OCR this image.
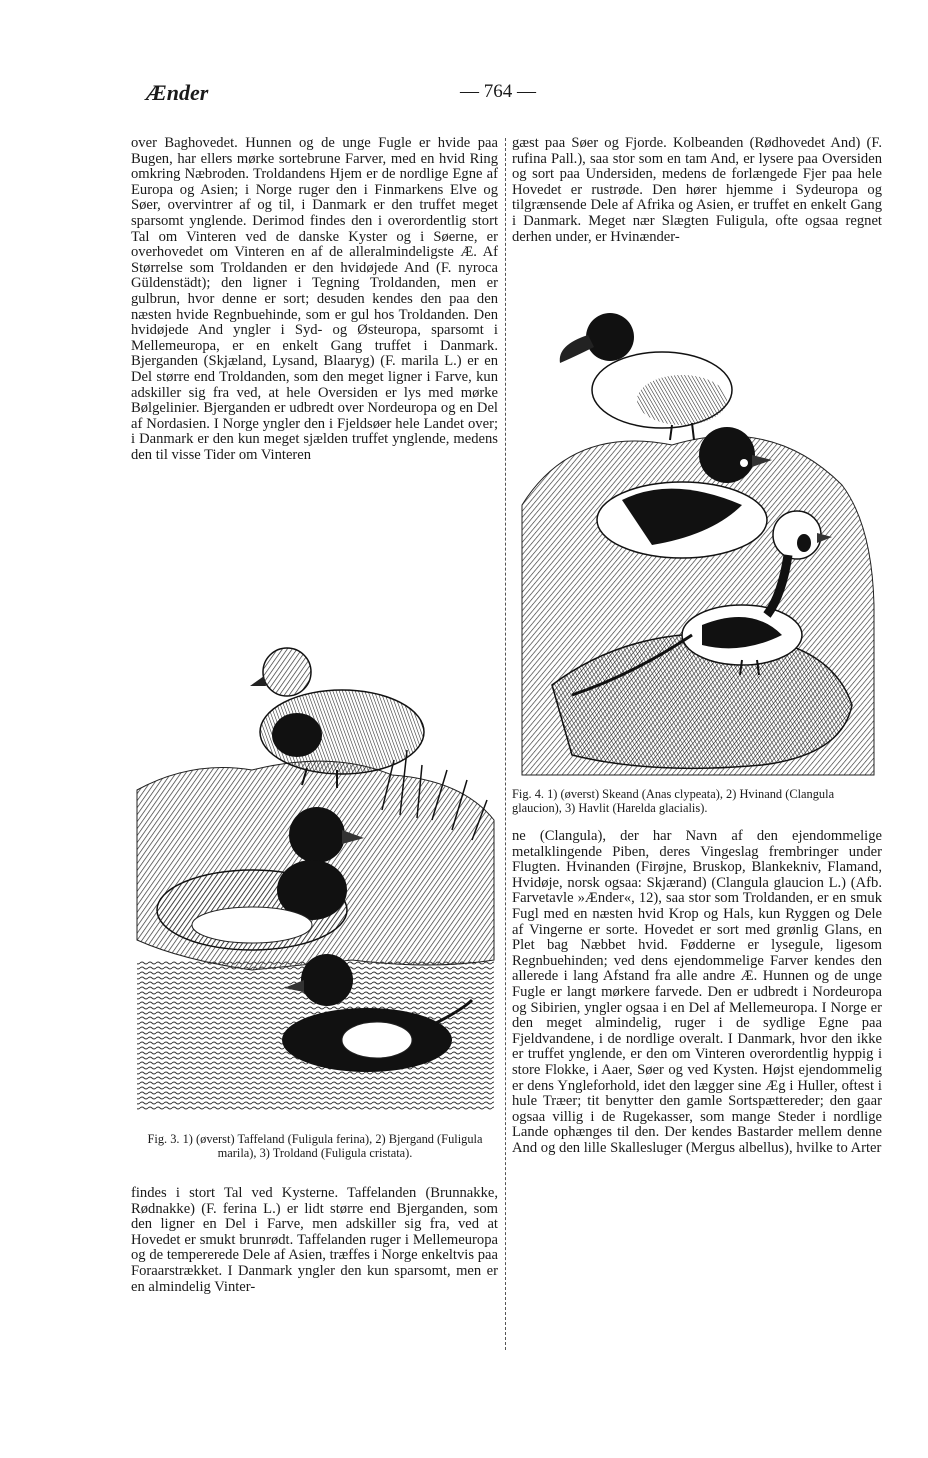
Ænder	— 764 —

over Baghovedet. Hunnen og de unge Fugle er hvide paa Bugen, har ellers mørke sortebrune Farver, med en hvid Ring omkring Næbroden. Troldandens Hjem er de nordlige Egne af Europa og Asien; i Norge ruger den i Finmarkens Elve og Søer, overvintrer af og til, i Danmark er den truffet meget sparsomt ynglende. Derimod findes den i overordentlig stort Tal om Vinteren ved de danske Kyster og i Søerne, er overhovedet om Vinteren en af de alleralmindeligste Æ. Af Størrelse som Troldanden er den hvidøjede And (F. nyroca Güldenstädt); den ligner i Tegning Troldanden, men er gulbrun, hvor denne er sort; desuden kendes den paa den næsten hvide Regnbuehinde, som er gul hos Troldanden. Den hvidøjede And yngler i Syd- og Østeuropa, sparsomt i Mellemeuropa, er en enkelt Gang truffet i Danmark. Bjerganden (Skjæland, Lysand, Blaaryg) (F. marila L.) er en Del større end Troldanden, som den meget ligner i Farve, kun adskiller sig fra ved, at hele Oversiden er lys med mørke Bølgelinier. Bjerganden er udbredt over Nordeuropa og en Del af Nordasien. I Norge yngler den i Fjeldsøer hele Landet over; i Danmark er den kun meget sjælden truffet ynglende, medens den til visse Tider om Vinteren

Fig. 3. 1) (øverst) Taffeland (Fuligula ferina), 2) Bjergand (Fuligula marila), 3) Troldand (Fuligula cristata).

findes i stort Tal ved Kysterne. Taffelanden (Brunnakke, Rødnakke) (F. ferina L.) er lidt større end Bjerganden, som den ligner en Del i Farve, men adskiller sig fra, ved at Hovedet er smukt brunrødt. Taffelanden ruger i Mellemeuropa og de tempererede Dele af Asien, træffes i Norge enkeltvis paa Foraarstrækket. I Danmark yngler den kun sparsomt, men er en almindelig Vinter-

gæst paa Søer og Fjorde. Kolbeanden (Rødhovedet And) (F. rufina Pall.), saa stor som en tam And, er lysere paa Oversiden og sort paa Undersiden, medens de forlængede Fjer paa hele Hovedet er rustrøde. Den hører hjemme i Sydeuropa og tilgrænsende Dele af Afrika og Asien, er truffet en enkelt Gang i Danmark. Meget nær Slægten Fuligula, ofte ogsaa regnet derhen under, er Hvinænder-

Fig. 4. 1) (øverst) Skeand (Anas clypeata), 2) Hvinand (Clangula glaucion), 3) Havlit (Harelda glacialis).

ne (Clangula), der har Navn af den ejendommelige metalklingende Piben, deres Vingeslag frembringer under Flugten. Hvinanden (Firøjne, Bruskop, Blankekniv, Flamand, Hvidøje, norsk ogsaa: Skjærand) (Clangula glaucion L.) (Afb. Farvetavle »Ænder«, 12), saa stor som Troldanden, er en smuk Fugl med en næsten hvid Krop og Hals, kun Ryggen og Dele af Vingerne er sorte. Hovedet er sort med grønlig Glans, en Plet bag Næbbet hvid. Fødderne er lysegule, ligesom Regnbuehinden; ved dens ejendommelige Farver kendes den allerede i lang Afstand fra alle andre Æ. Hunnen og de unge Fugle er langt mørkere farvede. Den er udbredt i Nordeuropa og Sibirien, yngler ogsaa i en Del af Mellemeuropa. I Norge er den meget almindelig, ruger i de sydlige Egne paa Fjeldvandene, i de nordlige overalt. I Danmark, hvor den ikke er truffet ynglende, er den om Vinteren overordentlig hyppig i store Flokke, i Aaer, Søer og ved Kysten. Højst ejendommelig er dens Yngleforhold, idet den lægger sine Æg i Huller, oftest i hule Træer; tit benytter den gamle Sortspættereder; den gaar ogsaa villig i de Rugekasser, som mange Steder i nordlige Lande ophænges til den. Der kendes Bastarder mellem denne And og den lille Skallesluger (Mergus albellus), hvilke to Arter
